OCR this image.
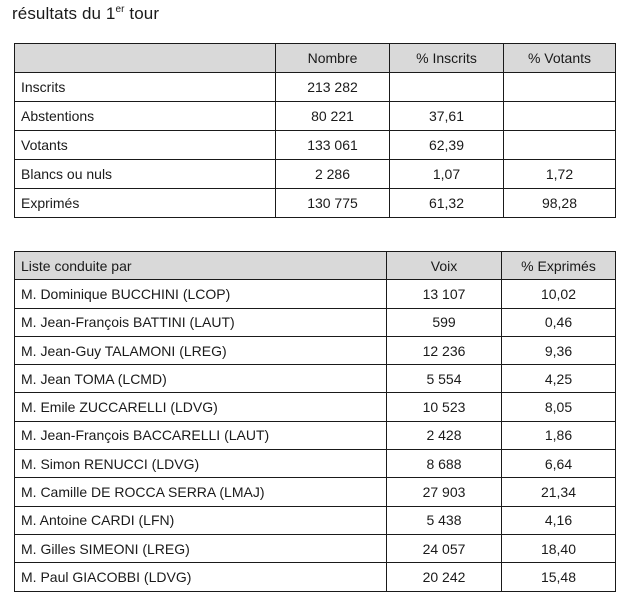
résultats du 1er tour
	Nombre	% Inscrits	% Votants
Inscrits	213 282		
Abstentions	80 221	37,61	
Votants	133 061	62,39	
Blancs ou nuls	2 286	1,07	1,72
Exprimés	130 775	61,32	98,28
Liste conduite par	Voix	% Exprimés
M. Dominique BUCCHINI (LCOP)	13 107	10,02
M. Jean-François BATTINI (LAUT)	599	0,46
M. Jean-Guy TALAMONI (LREG)	12 236	9,36
M. Jean TOMA (LCMD)	5 554	4,25
M. Emile ZUCCARELLI (LDVG)	10 523	8,05
M. Jean-François BACCARELLI (LAUT)	2 428	1,86
M. Simon RENUCCI (LDVG)	8 688	6,64
M. Camille DE ROCCA SERRA (LMAJ)	27 903	21,34
M. Antoine CARDI (LFN)	5 438	4,16
M. Gilles SIMEONI (LREG)	24 057	18,40
M. Paul GIACOBBI (LDVG)	20 242	15,48
